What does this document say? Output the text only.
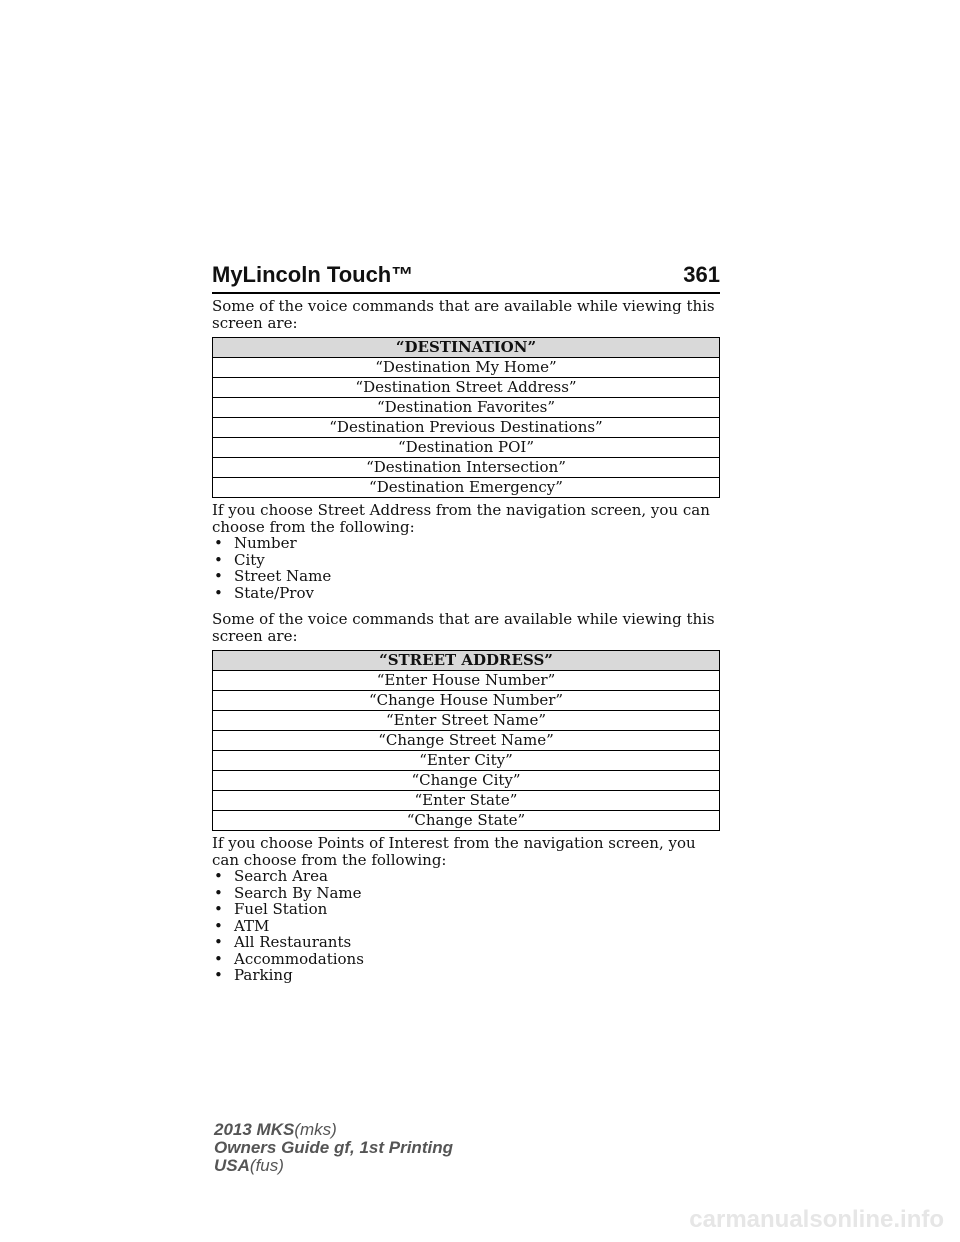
MyLincoln Touch™	361

Some of the voice commands that are available while viewing this screen are:

“DESTINATION”
“Destination My Home”
“Destination Street Address”
“Destination Favorites”
“Destination Previous Destinations”
“Destination POI”
“Destination Intersection”
“Destination Emergency”

If you choose Street Address from the navigation screen, you can choose from the following:

• Number
• City
• Street Name
• State/Prov

Some of the voice commands that are available while viewing this screen are:

“STREET ADDRESS”
“Enter House Number”
“Change House Number”
“Enter Street Name”
“Change Street Name”
“Enter City”
“Change City”
“Enter State”
“Change State”

If you choose Points of Interest from the navigation screen, you can choose from the following:

• Search Area
• Search By Name
• Fuel Station
• ATM
• All Restaurants
• Accommodations
• Parking
2013 MKS(mks)
Owners Guide gf, 1st Printing
USA(fus)
carmanualsonline.info
